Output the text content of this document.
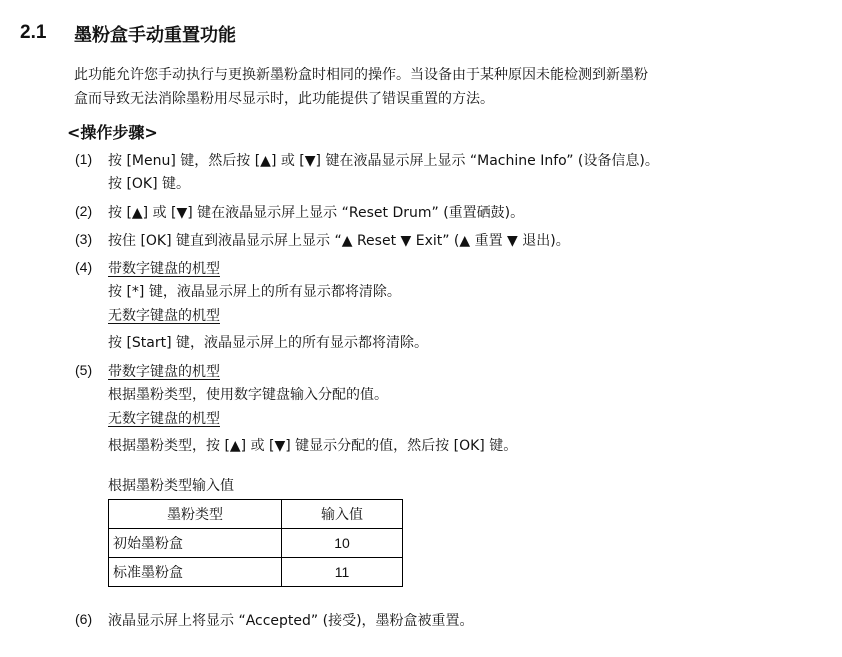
2.1 墨粉盒手动重置功能
此功能允许您手动执行与更换新墨粉盒时相同的操作。当设备由于某种原因未能检测到新墨粉
盒而导致无法消除墨粉用尽显示时，此功能提供了错误重置的方法。
<操作步骤>
(1) 按 [Menu] 键，然后按 [▲] 或 [▼] 键在液晶显示屏上显示 “Machine Info” (设备信息)。
按 [OK] 键。
(2) 按 [▲] 或 [▼] 键在液晶显示屏上显示 “Reset Drum” (重置硒鼓)。
(3) 按住 [OK] 键直到液晶显示屏上显示 “▲ Reset ▼ Exit” (▲ 重置 ▼ 退出)。
(4) 带数字键盘的机型
按 [*] 键，液晶显示屏上的所有显示都将清除。
无数字键盘的机型
按 [Start] 键，液晶显示屏上的所有显示都将清除。
(5) 带数字键盘的机型
根据墨粉类型，使用数字键盘输入分配的值。
无数字键盘的机型
根据墨粉类型，按 [▲] 或 [▼] 键显示分配的值，然后按 [OK] 键。
根据墨粉类型输入值
墨粉类型	输入值
初始墨粉盒	10
标准墨粉盒	11
(6) 液晶显示屏上将显示 “Accepted” (接受)，墨粉盒被重置。
